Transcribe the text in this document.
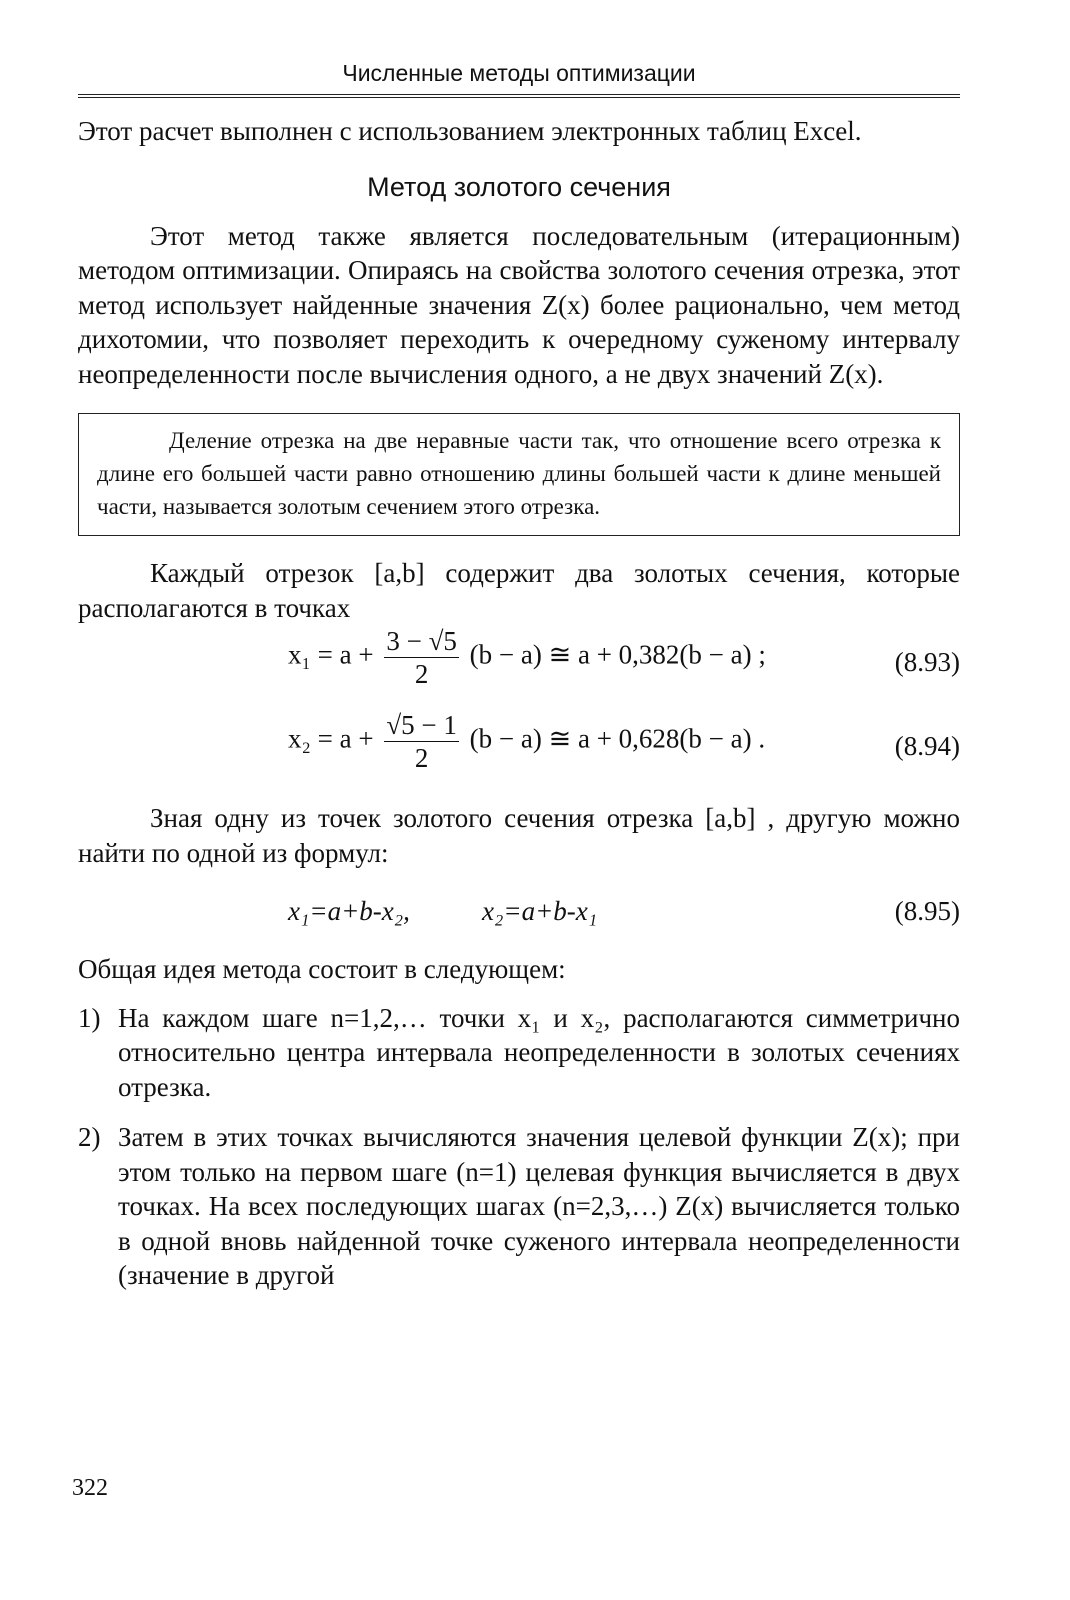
Численные методы оптимизации

Этот расчет выполнен с использованием электронных таблиц Excel.

Метод золотого сечения

Этот метод также является последовательным (итерационным) методом оптимизации. Опираясь на свойства золотого сечения отрезка, этот метод использует найденные значения Z(x) более рационально, чем метод дихотомии, что позволяет переходить к очередному суженому интервалу неопределенности после вычисления одного, а не двух значений Z(x).

Деление отрезка на две неравные части так, что отношение всего отрезка к длине его большей части равно отношению длины большей части к длине меньшей части, называется золотым сечением этого отрезка.

Каждый отрезок [a,b] содержит два золотых сечения, которые располагаются в точках

$x_1 = a + \frac{3 - √5}{2} (b - a)$ ≅ a + 0,382(b − a) ;	(8.93)
$x_2 = a + \frac{√5 - 1}{2} (b - a)$ ≅ a + 0,628(b − a) .	(8.94)

Зная одну из точек золотого сечения отрезка [a,b] , другую можно найти по одной из формул:

x₁=a+b-x₂,	x₂=a+b-x₁	(8.95)

Общая идея метода состоит в следующем:

1) На каждом шаге n=1,2,… точки x₁ и x₂, располагаются симметрично относительно центра интервала неопределенности в золотых сечениях отрезка.

2) Затем в этих точках вычисляются значения целевой функции Z(x); при этом только на первом шаге (n=1) целевая функция вычисляется в двух точках. На всех последующих шагах (n=2,3,…) Z(x) вычисляется только в одной вновь найденной точке суженого интервала неопределенности (значение в другой

322
